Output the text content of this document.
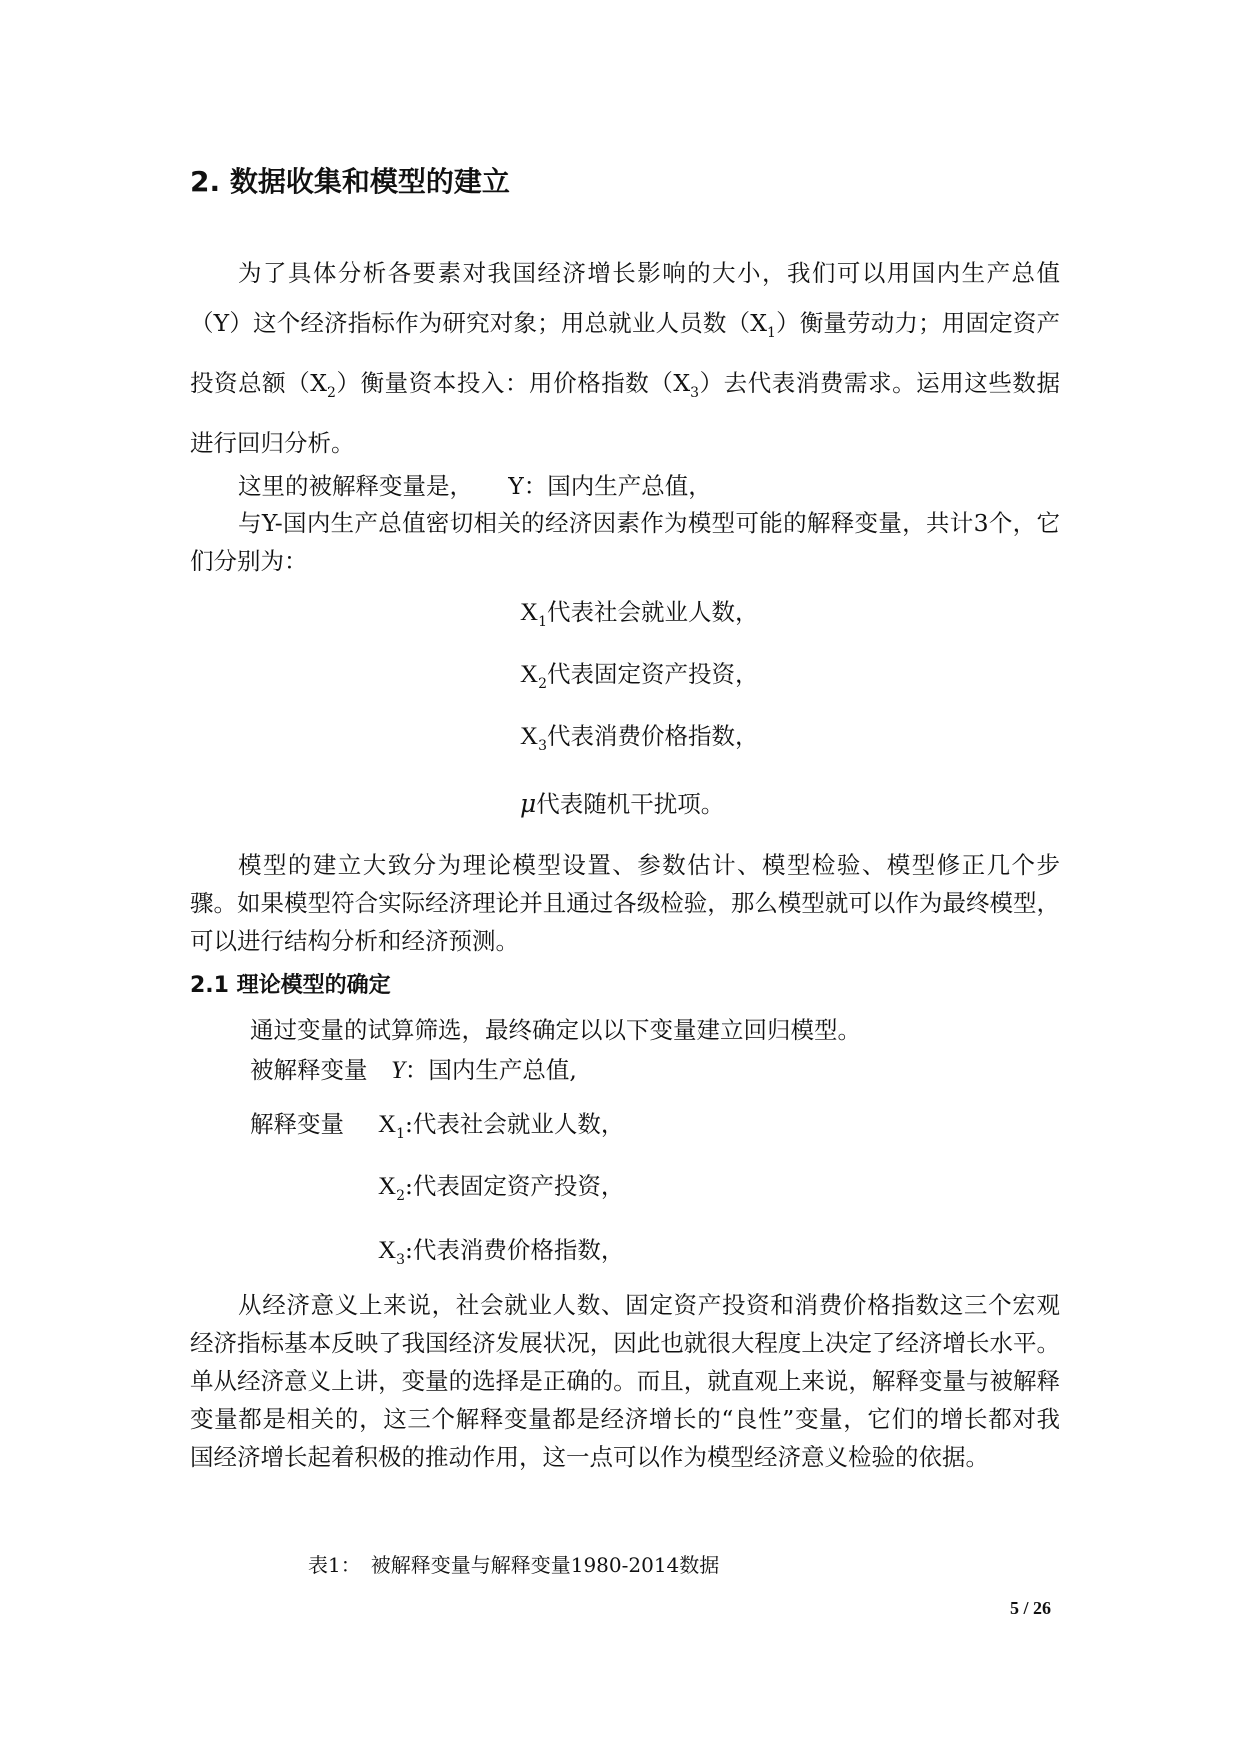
2. 数据收集和模型的建立

为了具体分析各要素对我国经济增长影响的大小，我们可以用国内生产总值（Y）这个经济指标作为研究对象；用总就业人员数$(X_1)$衡量劳动力；用固定资产投资总额$(X_2)$衡量资本投入：用价格指数$(X_3)$去代表消费需求。运用这些数据进行回归分析。

这里的被解释变量是，　　Y：国内生产总值，

与Y-国内生产总值密切相关的经济因素作为模型可能的解释变量，共计3个，它们分别为：

$X_1$代表社会就业人数，
$X_2$代表固定资产投资，
$X_3$代表消费价格指数，
μ代表随机干扰项。

模型的建立大致分为理论模型设置、参数估计、模型检验、模型修正几个步骤。如果模型符合实际经济理论并且通过各级检验，那么模型就可以作为最终模型，可以进行结构分析和经济预测。

2.1 理论模型的确定
通过变量的试算筛选，最终确定以以下变量建立回归模型。
被解释变量　 Y：国内生产总值,
解释变量 $X_1$:代表社会就业人数，
$X_2$:代表固定资产投资，
$X_3$:代表消费价格指数，

从经济意义上来说，社会就业人数、固定资产投资和消费价格指数这三个宏观经济指标基本反映了我国经济发展状况，因此也就很大程度上决定了经济增长水平。单从经济意义上讲，变量的选择是正确的。而且，就直观上来说，解释变量与被解释变量都是相关的，这三个解释变量都是经济增长的“良性”变量，它们的增长都对我国经济增长起着积极的推动作用，这一点可以作为模型经济意义检验的依据。

表1：　被解释变量与解释变量1980-2014数据
5 / 26
